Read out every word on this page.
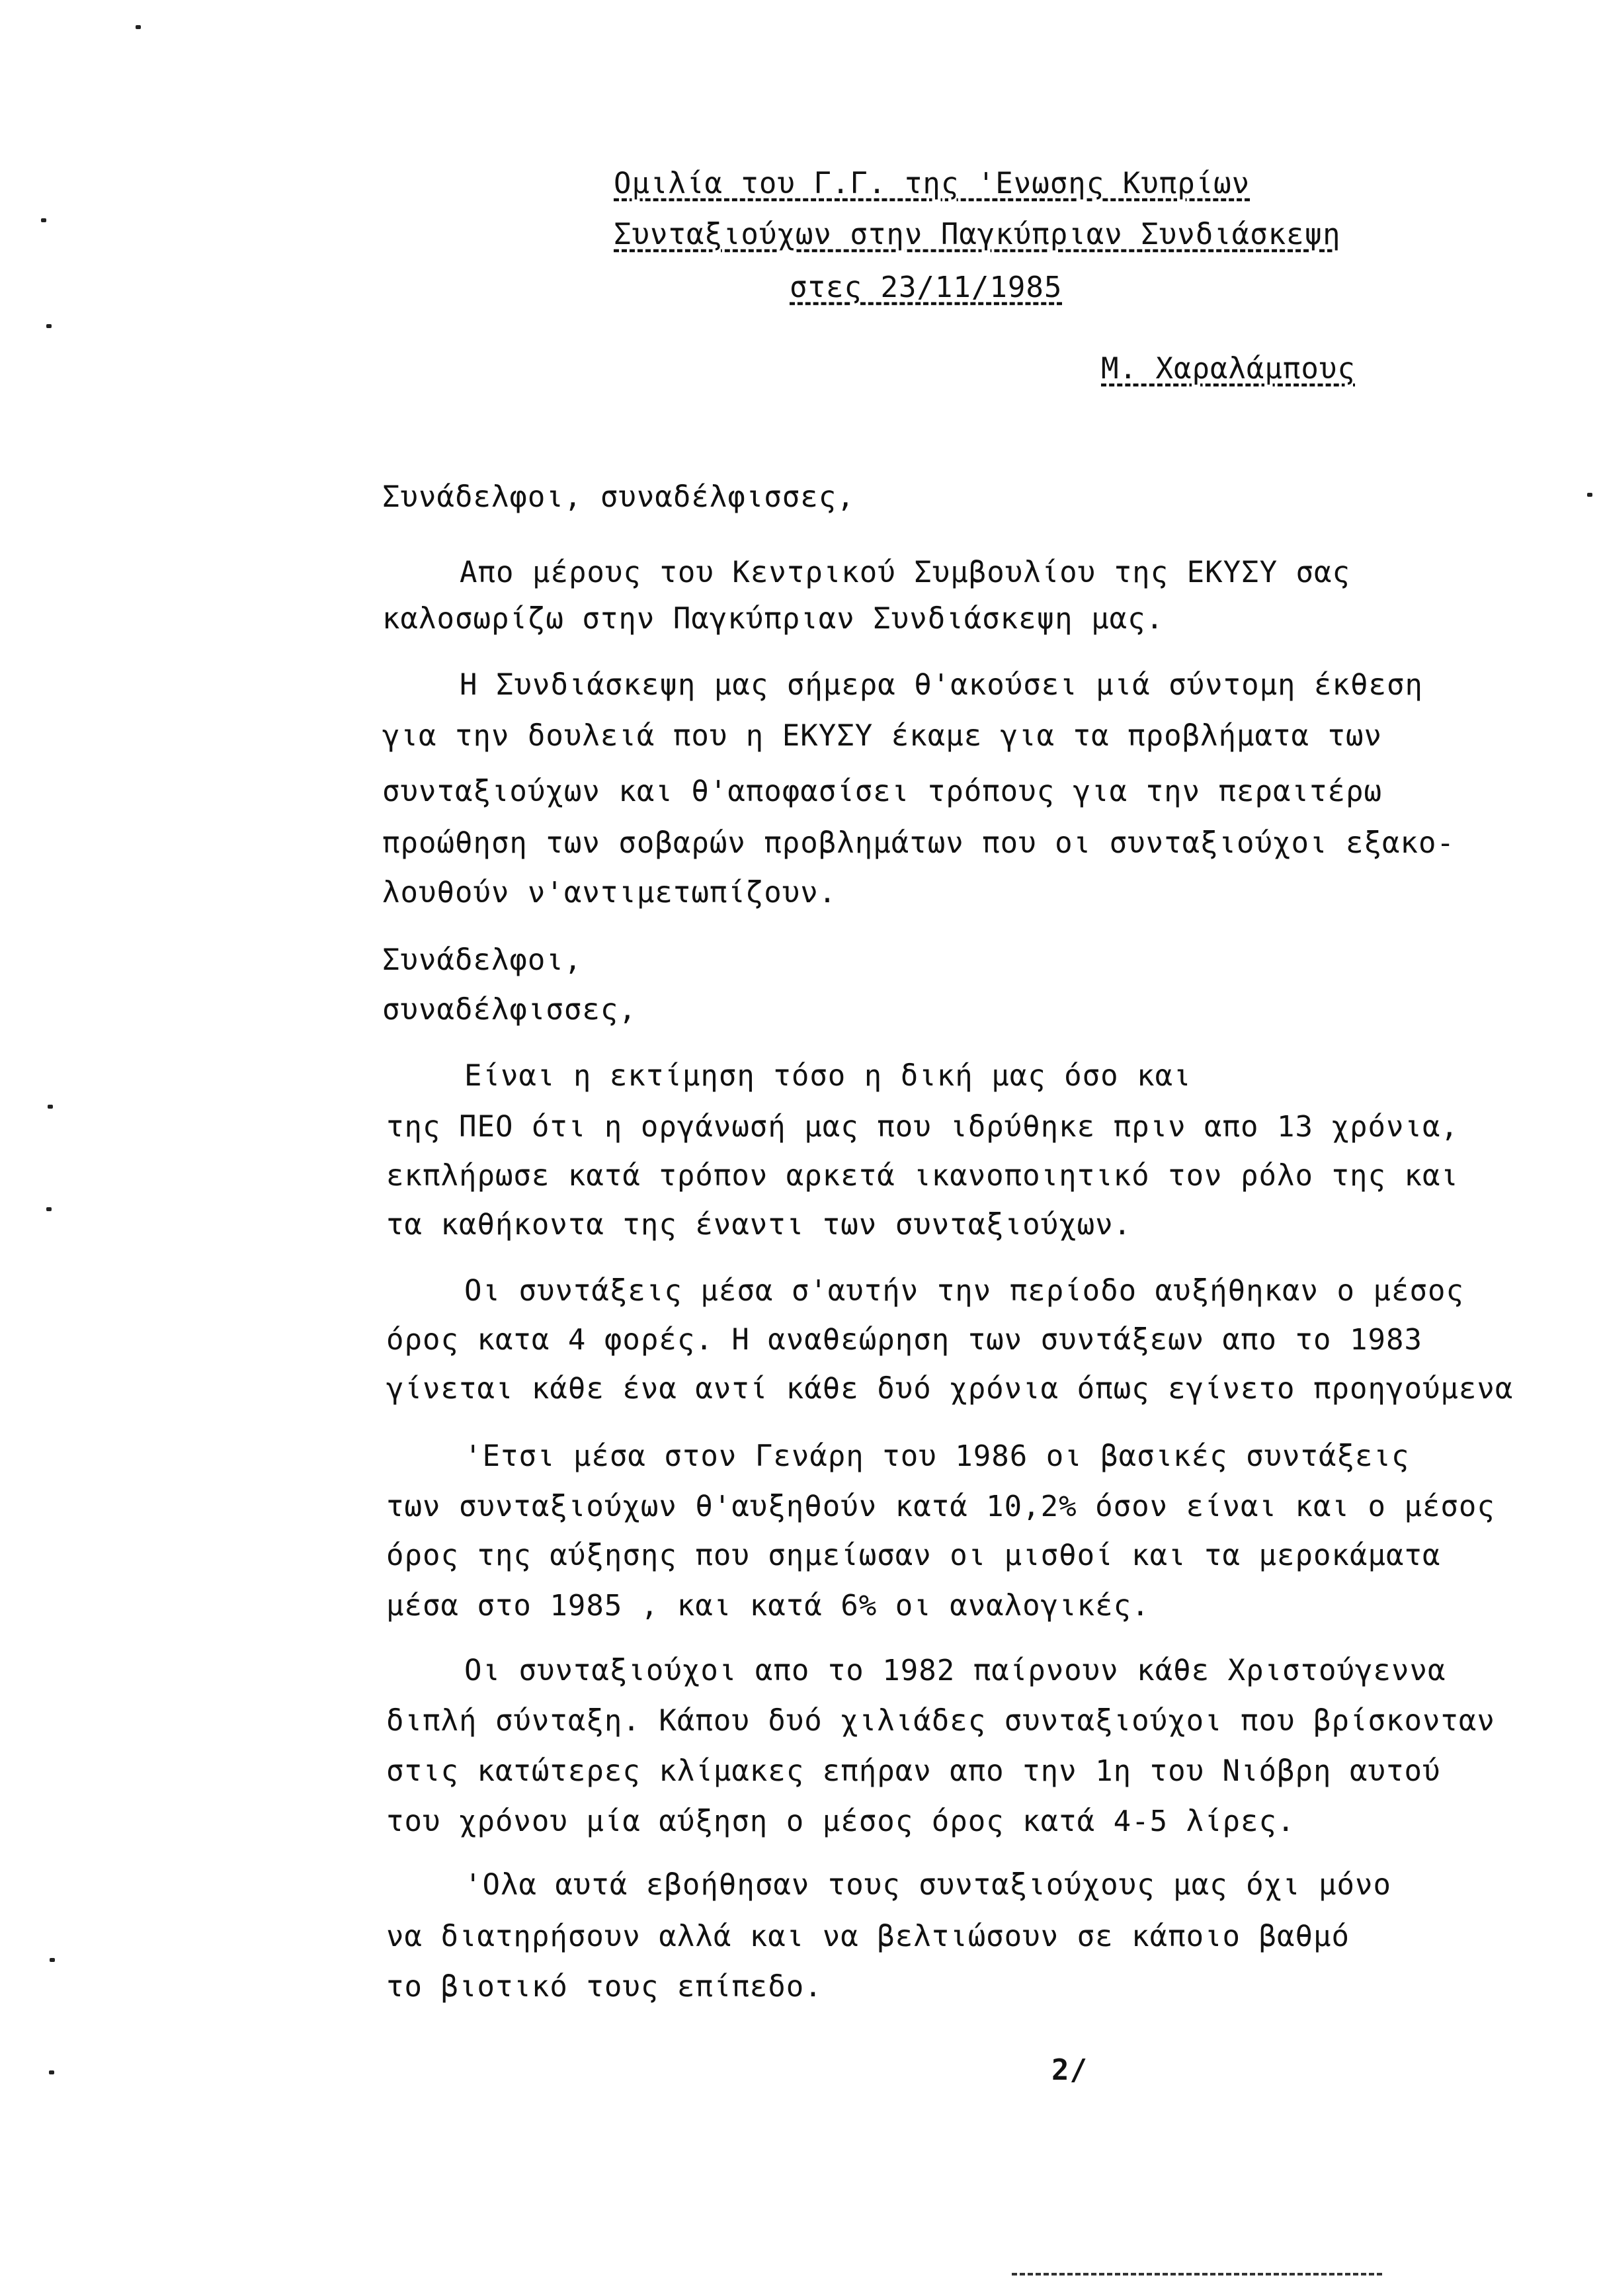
Ομιλία του Γ.Γ. της 'Ενωσης Κυπρίων
Συνταξιούχων στην Παγκύπριαν Συνδιάσκεψη
στες 23/11/1985
Μ. Χαραλάμπους
Συνάδελφοι, συναδέλφισσες,
Απο μέρους του Κεντρικού Συμβουλίου της ΕΚΥΣΥ σας
καλοσωρίζω στην Παγκύπριαν Συνδιάσκεψη μας.
Η Συνδιάσκεψη μας σήμερα θ'ακούσει μιά σύντομη έκθεση
για την δουλειά που η ΕΚΥΣΥ έκαμε για τα προβλήματα των
συνταξιούχων και θ'αποφασίσει τρόπους για την περαιτέρω
προώθηση των σοβαρών προβλημάτων που οι συνταξιούχοι εξακο-
λουθούν ν'αντιμετωπίζουν.
Συνάδελφοι,
συναδέλφισσες,
Είναι η εκτίμηση τόσο η δική μας όσο και
της ΠΕΟ ότι η οργάνωσή μας που ιδρύθηκε πριν απο 13 χρόνια,
εκπλήρωσε κατά τρόπον αρκετά ικανοποιητικό τον ρόλο της και
τα καθήκοντα της έναντι των συνταξιούχων.
Οι συντάξεις μέσα σ'αυτήν την περίοδο αυξήθηκαν ο μέσος
όρος κατα 4 φορές. Η αναθεώρηση των συντάξεων απο το 1983
γίνεται κάθε ένα αντί κάθε δυό χρόνια όπως εγίνετο προηγούμενα
'Ετσι μέσα στον Γενάρη του 1986 οι βασικές συντάξεις
των συνταξιούχων θ'αυξηθούν κατά 10,2% όσον είναι και ο μέσος
όρος της αύξησης που σημείωσαν οι μισθοί και τα μεροκάματα
μέσα στο 1985 , και κατά 6% οι αναλογικές.
Οι συνταξιούχοι απο το 1982 παίρνουν κάθε Χριστούγεννα
διπλή σύνταξη. Κάπου δυό χιλιάδες συνταξιούχοι που βρίσκονταν
στις κατώτερες κλίμακες επήραν απο την 1η του Νιόβρη αυτού
του χρόνου μία αύξηση ο μέσος όρος κατά 4-5 λίρες.
'Ολα αυτά εβοήθησαν τους συνταξιούχους μας όχι μόνο
να διατηρήσουν αλλά και να βελτιώσουν σε κάποιο βαθμό
το βιοτικό τους επίπεδο.
2/
